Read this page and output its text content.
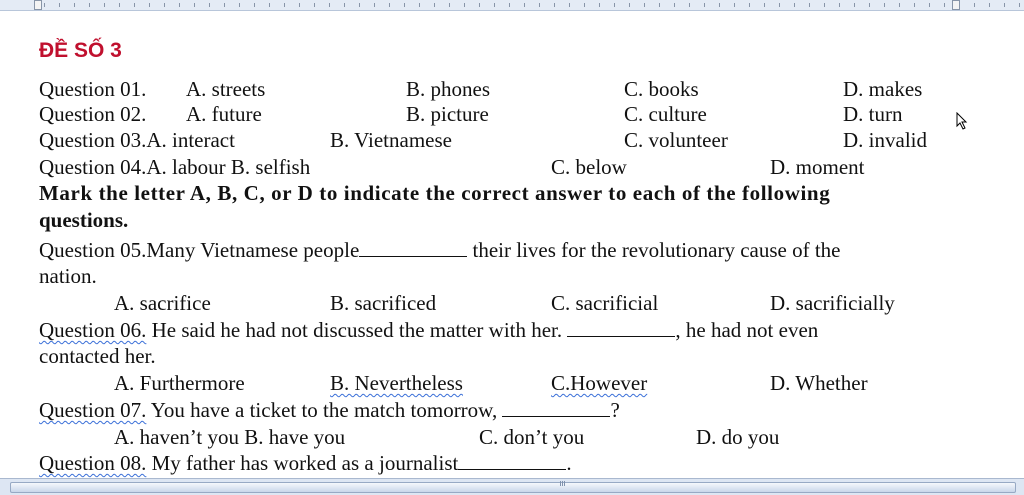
ĐỀ SỐ 3
Question 01. A. streets	B. phones	C. books	D. makes
Question 02. A. future	B. picture	C. culture	D. turn
Question 03.A. interact	B. Vietnamese	C. volunteer	D. invalid
Question 04.A. labour B. selfish	C. below	D. moment
Mark the letter A, B, C, or D to indicate the correct answer to each of the following
questions.
Question 05.Many Vietnamese people	their lives for the revolutionary cause of the
nation.
A. sacrifice	B. sacrificed	C. sacrificial	D. sacrificially
Question 06. He said he had not discussed the matter with her.	, he had not even
contacted her.
A. Furthermore	B. Nevertheless	C.However	D. Whether
Question 07. You have a ticket to the match tomorrow,	?
A. haven’t you B. have you	C. don’t you	D. do you
Question 08. My father has worked as a journalist	.
